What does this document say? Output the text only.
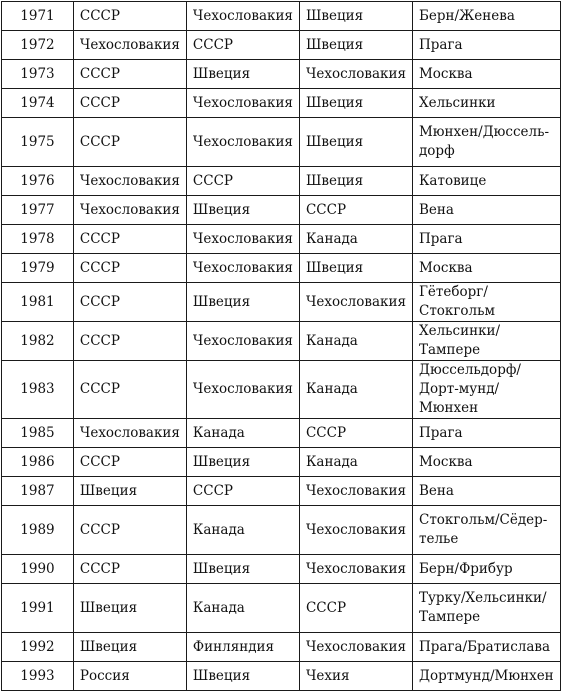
1971	СССР	Чехословакия	Швеция	Берн/Женева
1972	Чехословакия	СССР	Швеция	Прага
1973	СССР	Швеция	Чехословакия	Москва
1974	СССР	Чехословакия	Швеция	Хельсинки
1975	СССР	Чехословакия	Швеция	Мюнхен/Дюссель-дорф
1976	Чехословакия	СССР	Швеция	Катовице
1977	Чехословакия	Швеция	СССР	Вена
1978	СССР	Чехословакия	Канада	Прага
1979	СССР	Чехословакия	Швеция	Москва
1981	СССР	Швеция	Чехословакия	Гётеборг/Стокгольм
1982	СССР	Чехословакия	Канада	Хельсинки/Тампере
1983	СССР	Чехословакия	Канада	Дюссельдорф/Дорт-мунд/Мюнхен
1985	Чехословакия	Канада	СССР	Прага
1986	СССР	Швеция	Канада	Москва
1987	Швеция	СССР	Чехословакия	Вена
1989	СССР	Канада	Чехословакия	Стокгольм/Сёдер-телье
1990	СССР	Швеция	Чехословакия	Берн/Фрибур
1991	Швеция	Канада	СССР	Турку/Хельсинки/Тампере
1992	Швеция	Финляндия	Чехословакия	Прага/Братислава
1993	Россия	Швеция	Чехия	Дортмунд/Мюнхен
